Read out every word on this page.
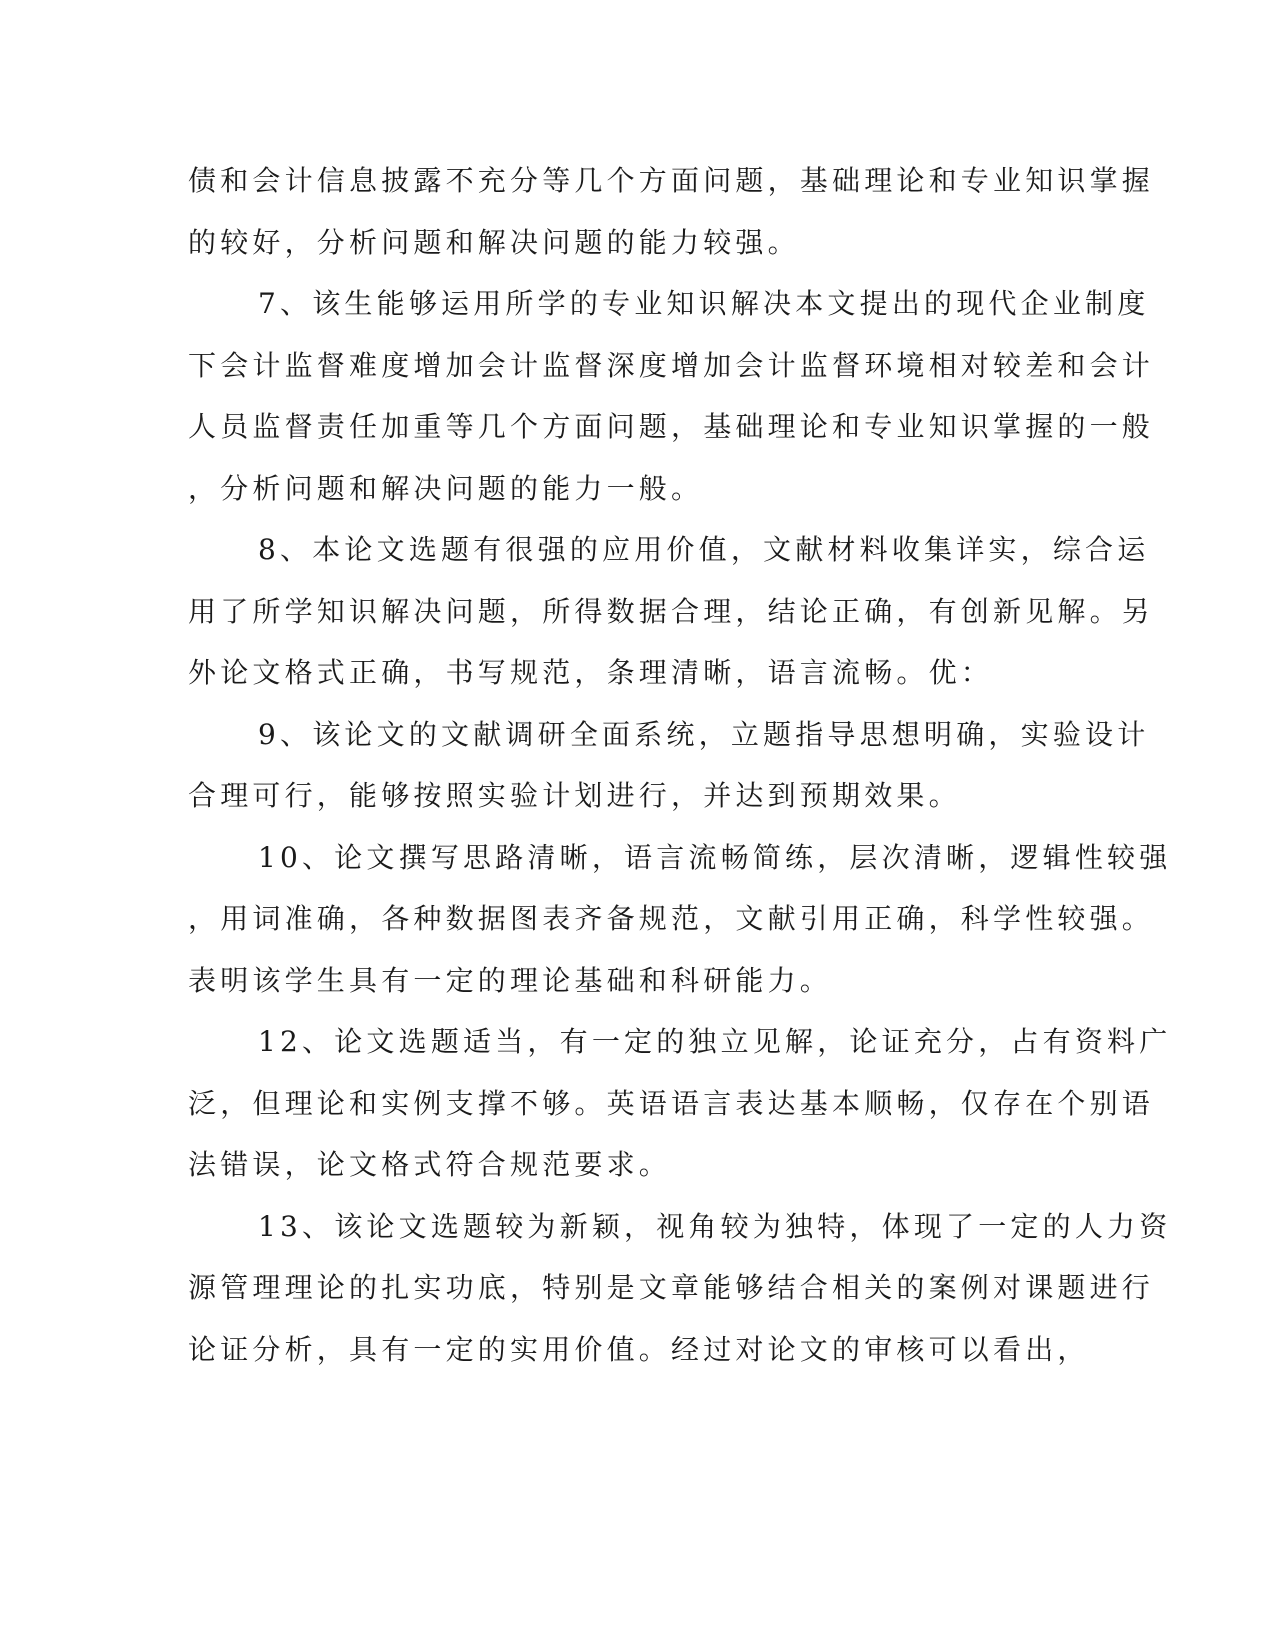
债和会计信息披露不充分等几个方面问题，基础理论和专业知识掌握
的较好，分析问题和解决问题的能力较强。
7、该生能够运用所学的专业知识解决本文提出的现代企业制度
下会计监督难度增加会计监督深度增加会计监督环境相对较差和会计
人员监督责任加重等几个方面问题，基础理论和专业知识掌握的一般
，分析问题和解决问题的能力一般。
8、本论文选题有很强的应用价值，文献材料收集详实，综合运
用了所学知识解决问题，所得数据合理，结论正确，有创新见解。另
外论文格式正确，书写规范，条理清晰，语言流畅。优：
9、该论文的文献调研全面系统，立题指导思想明确，实验设计
合理可行，能够按照实验计划进行，并达到预期效果。
10、论文撰写思路清晰，语言流畅简练，层次清晰，逻辑性较强
，用词准确，各种数据图表齐备规范，文献引用正确，科学性较强。
表明该学生具有一定的理论基础和科研能力。
12、论文选题适当，有一定的独立见解，论证充分，占有资料广
泛，但理论和实例支撑不够。英语语言表达基本顺畅，仅存在个别语
法错误，论文格式符合规范要求。
13、该论文选题较为新颖，视角较为独特，体现了一定的人力资
源管理理论的扎实功底，特别是文章能够结合相关的案例对课题进行
论证分析，具有一定的实用价值。经过对论文的审核可以看出，
